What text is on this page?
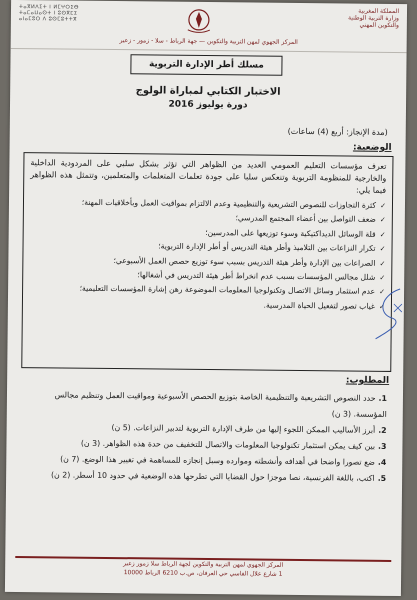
ⵜⴰⴳⵍⴷⵉⵜ ⵏ ⵍⵎⵖⵔⵉⴱ
ⵜⴰⵎⴰⵡⴰⵙⵜ ⵏ ⵓⵙⴳⵎⵉ
ⴰⵏⴰⵎⵓⵔ ⴷ ⵓⵙⵎⵓⵜⵜⴳ
المملكة المغربية
وزارة التربية الوطنية
والتكوين المهني
المركز الجهوي لمهن التربية والتكوين — جهة الرباط - سلا - زمور - زعير
مسلك أطر الإدارة التربوية
الاختبار الكتابي لمباراة الولوج
دورة يوليوز 2016
(مدة الإنجاز: أربع (4) ساعات)
الوضعية:
تعرف مؤسسات التعليم العمومي العديد من الظواهر التي تؤثر بشكل سلبي على المردودية الداخلية والخارجية للمنظومة التربوية وتنعكس سلبا على جودة تعلمات المتعلمات والمتعلمين، وتتمثل هذه الظواهر فيما يلي:
✓ كثرة التجاوزات للنصوص التشريعية والتنظيمية وعدم الالتزام بمواقيت العمل وبأخلاقيات المهنة؛
✓ ضعف التواصل بين أعضاء المجتمع المدرسي؛
✓ قلة الوسائل الديداكتيكية وسوء توزيعها على المدرسين؛
✓ تكرار النزاعات بين التلاميذ وأطر هيئة التدريس أو أطر الإدارة التربوية؛
✓ الصراعات بين الإدارة وأطر هيئة التدريس بسبب سوء توزيع حصص العمل الأسبوعي؛
✓ شلل مجالس المؤسسات بسبب عدم انخراط أطر هيئة التدريس في أشغالها؛
✓ عدم استثمار وسائل الاتصال وتكنولوجيا المعلومات الموضوعة رهن إشارة المؤسسات التعليمية؛
✓ غياب تصور لتفعيل الحياة المدرسية.
المطلوب:
1.حدد النصوص التشريعية والتنظيمية الخاصة بتوزيع الحصص الأسبوعية ومواقيت العمل وتنظيم مجالس المؤسسة. (3 ن)
2.أبرز الأساليب الممكن اللجوء إليها من طرف الإدارة التربوية لتدبير النزاعات. (5 ن)
3.بين كيف يمكن استثمار تكنولوجيا المعلومات والاتصال للتخفيف من حدة هذه الظواهر. (3 ن)
4.ضع تصورا واضحا في أهدافه وأنشطته وموارده وسبل إنجازه للمساهمة في تغيير هذا الوضع. (7 ن)
5.اكتب، باللغة الفرنسية، نصا موجزا حول القضايا التي تطرحها هذه الوضعية في حدود 10 أسطر. (2 ن)

المركز الجهوي لمهن التربية والتكوين لجهة الرباط سلا زمور زعير

1 شارع علال الفاسي حي العرفان، ص.ب 6210 الرباط 10000
